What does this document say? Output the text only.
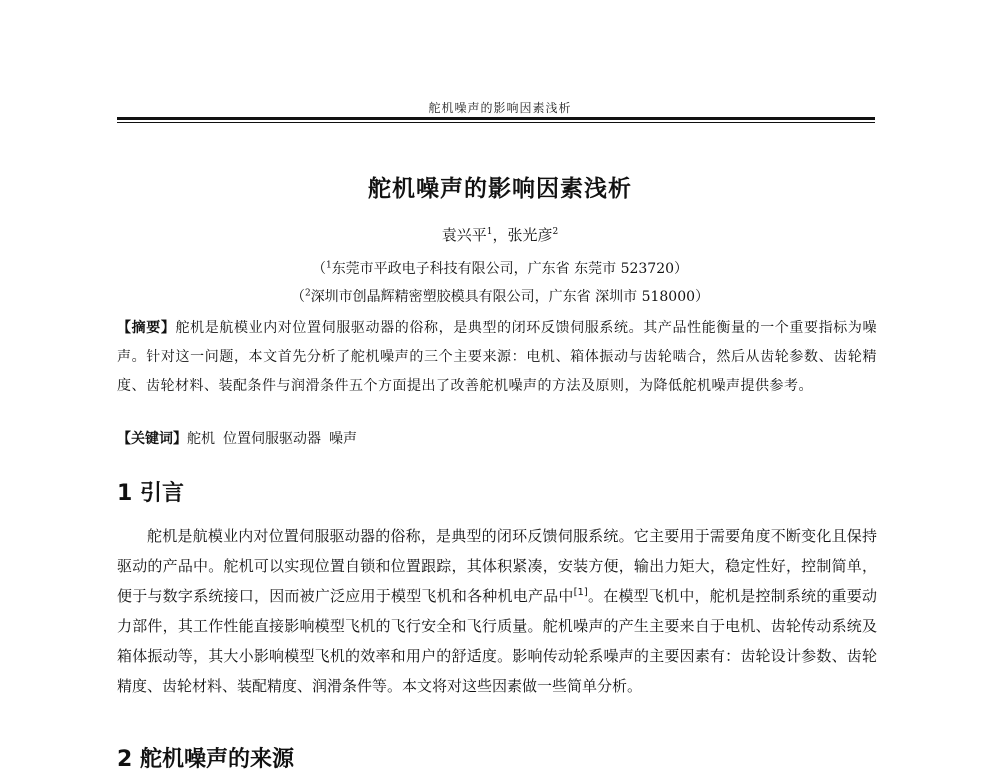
舵机噪声的影响因素浅析
舵机噪声的影响因素浅析
袁兴平$^1$，张光彦$^2$
（$^1$东莞市平政电子科技有限公司，广东省 东莞市 523720）
（$^2$深圳市创晶辉精密塑胶模具有限公司，广东省 深圳市 518000）
【摘要】舵机是航模业内对位置伺服驱动器的俗称，是典型的闭环反馈伺服系统。其产品性能衡量的一个重要指标为噪声。针对这一问题，本文首先分析了舵机噪声的三个主要来源：电机、箱体振动与齿轮啮合，然后从齿轮参数、齿轮精度、齿轮材料、装配条件与润滑条件五个方面提出了改善舵机噪声的方法及原则，为降低舵机噪声提供参考。
【关键词】舵机 位置伺服驱动器 噪声
1 引言
舵机是航模业内对位置伺服驱动器的俗称，是典型的闭环反馈伺服系统。它主要用于需要角度不断变化且保持驱动的产品中。舵机可以实现位置自锁和位置跟踪，其体积紧凑，安装方便，输出力矩大，稳定性好，控制简单，便于与数字系统接口，因而被广泛应用于模型飞机和各种机电产品中[1]。在模型飞机中，舵机是控制系统的重要动力部件，其工作性能直接影响模型飞机的飞行安全和飞行质量。舵机噪声的产生主要来自于电机、齿轮传动系统及箱体振动等，其大小影响模型飞机的效率和用户的舒适度。影响传动轮系噪声的主要因素有：齿轮设计参数、齿轮精度、齿轮材料、装配精度、润滑条件等。本文将对这些因素做一些简单分析。
2 舵机噪声的来源
